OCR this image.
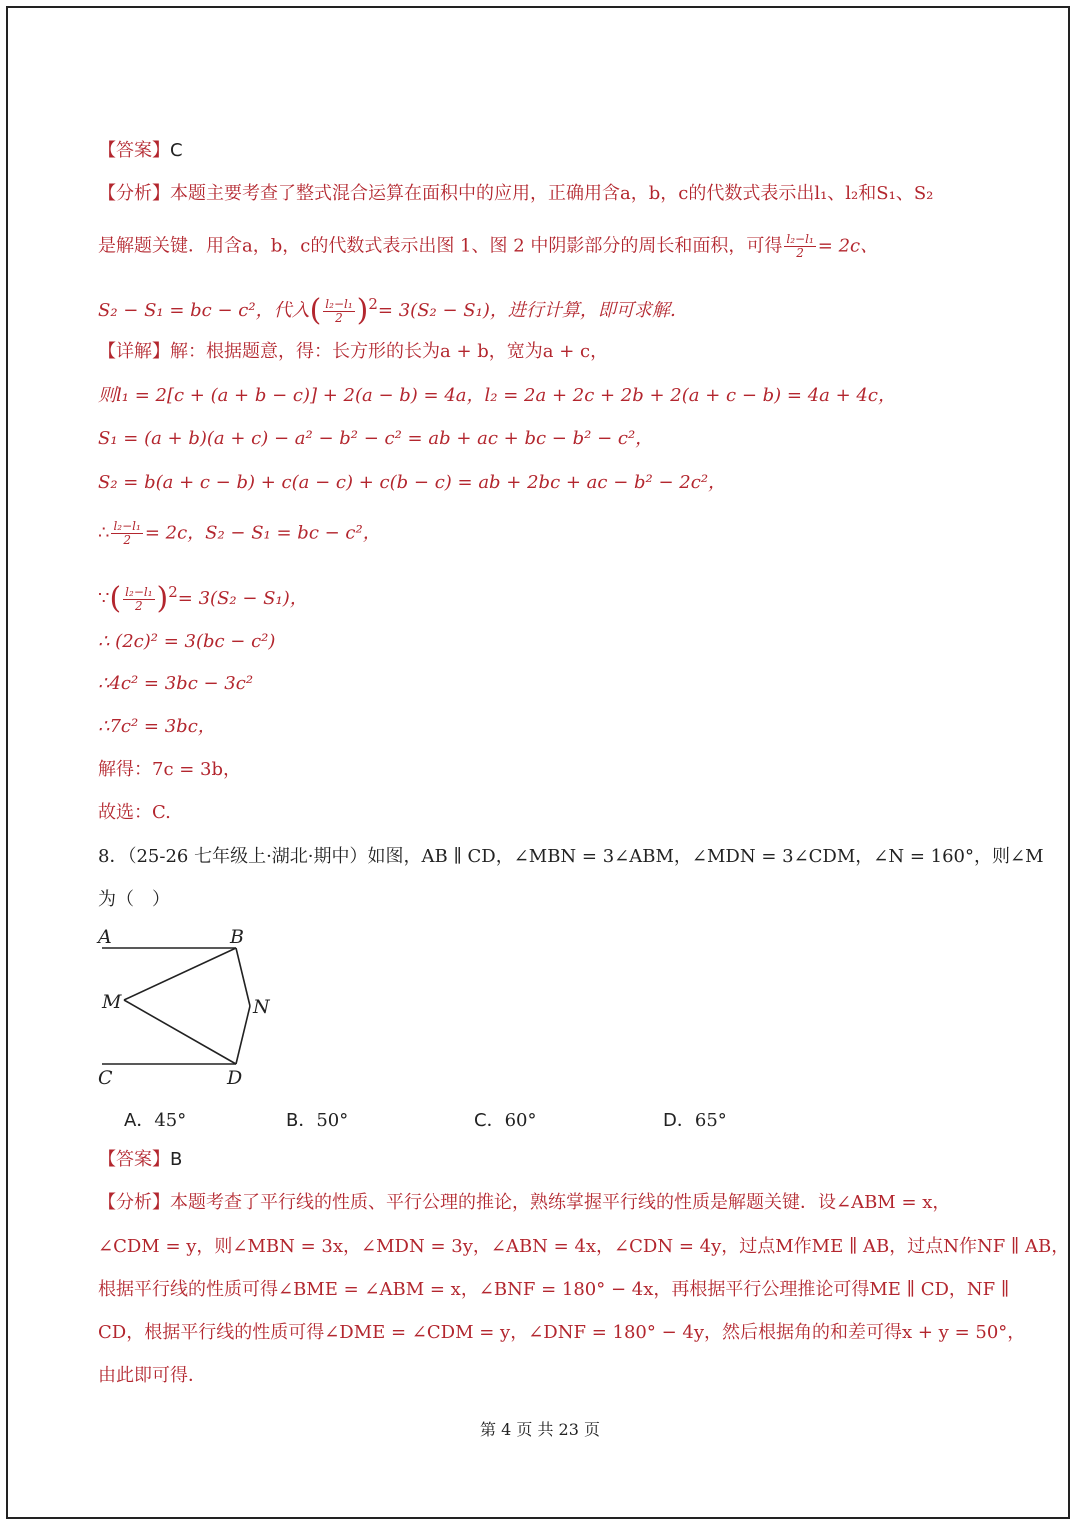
【答案】C
【分析】本题主要考查了整式混合运算在面积中的应用，正确用含a，b，c的代数式表示出l₁、l₂和S₁、S₂
是解题关键．用含a，b，c的代数式表示出图 1、图 2 中阴影部分的周长和面积，可得 $\frac{\text{l₂−l₁}}{2} = 2c$、
S₂ − S₁ = bc − c²，代入( $\frac{\text{l₂−l₁}}{2} )^2= 3(S_2 - S_1)$，进行计算，即可求解．
【详解】解：根据题意，得：长方形的长为a + b，宽为a + c，
则l₁ = 2[c + (a + b − c)] + 2(a − b) = 4a，l₂ = 2a + 2c + 2b + 2(a + c − b) = 4a + 4c，
S₁ = (a + b)(a + c) − a² − b² − c² = ab + ac + bc − b² − c²，
S₂ = b(a + c − b) + c(a − c) + c(b − c) = ab + 2bc + ac − b² − 2c²，
∴ $\frac{\text{l₂−l₁}}{2} = 2c$，S₂ − S₁ = bc − c²，
∵( $\frac{\text{l₂−l₁}}{2} )^2= 3(S_2 - S_1)$，
∴ (2c)² = 3(bc − c²)
∴4c² = 3bc − 3c²
∴7c² = 3bc，
解得：7c = 3b，
故选：C.
8．（25-26 七年级上·湖北·期中）如图，AB ∥ CD，∠MBN = 3∠ABM，∠MDN = 3∠CDM，∠N = 160°，则∠M
为（　）
A	B
M	N
C	D
A．45°	B．50°	C．60°	D．65°
【答案】B
【分析】本题考查了平行线的性质、平行公理的推论，熟练掌握平行线的性质是解题关键．设∠ABM = x，
∠CDM = y，则∠MBN = 3x，∠MDN = 3y，∠ABN = 4x，∠CDN = 4y，过点M作ME ∥ AB，过点N作NF ∥ AB，
根据平行线的性质可得∠BME = ∠ABM = x，∠BNF = 180° − 4x，再根据平行公理推论可得ME ∥ CD，NF ∥
CD，根据平行线的性质可得∠DME = ∠CDM = y，∠DNF = 180° − 4y，然后根据角的和差可得x + y = 50°，
由此即可得．
第 4 页 共 23 页
